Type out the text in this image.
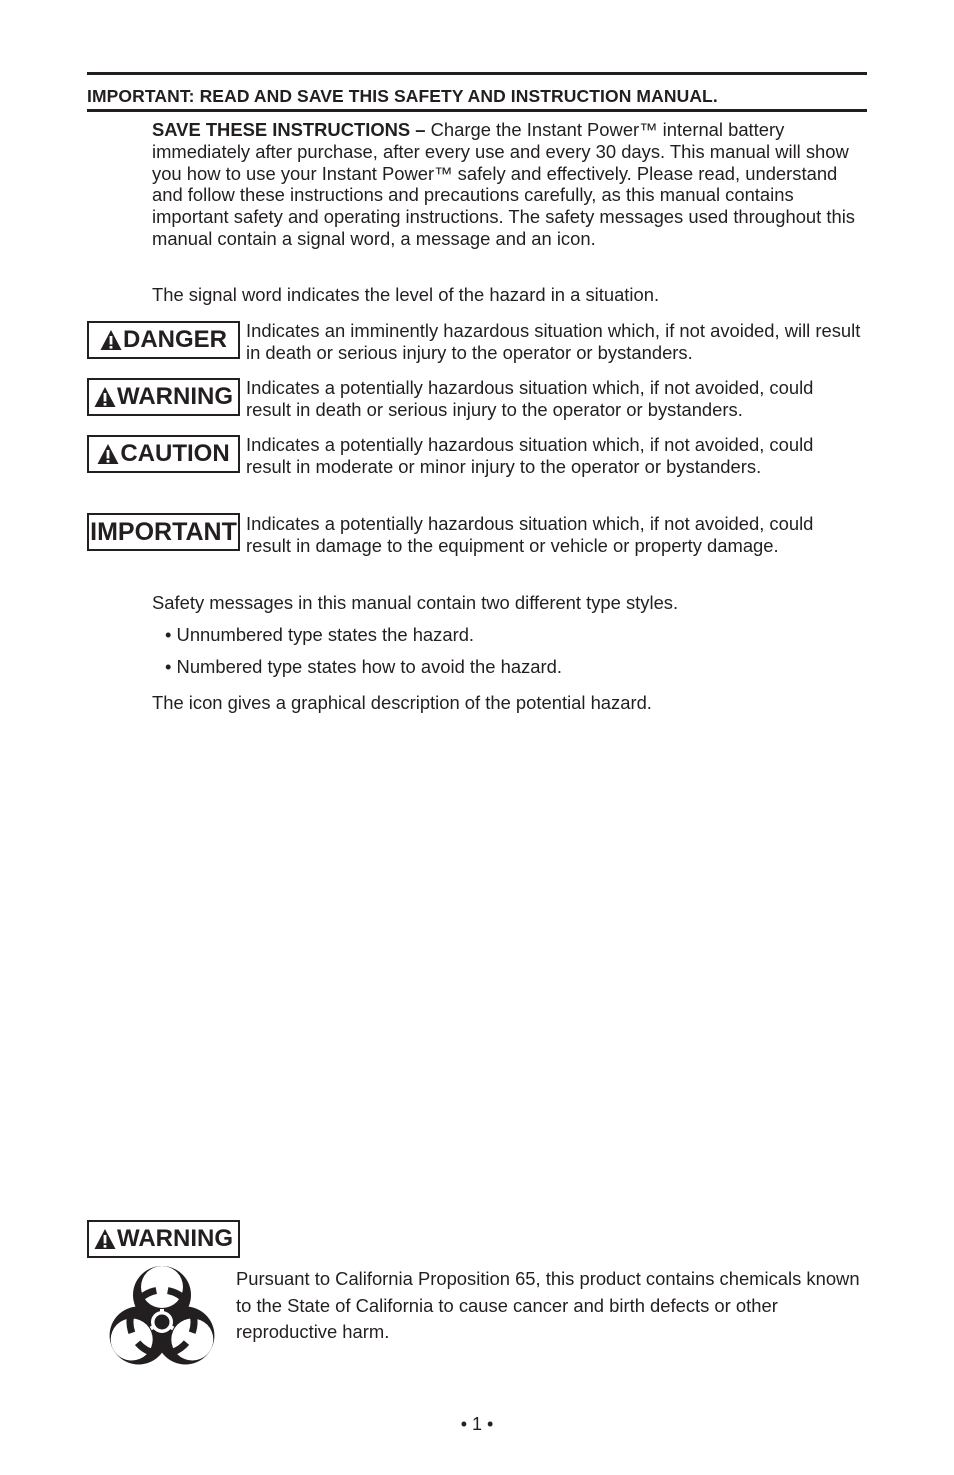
IMPORTANT: READ AND SAVE THIS SAFETY AND INSTRUCTION MANUAL.

SAVE THESE INSTRUCTIONS – Charge the Instant Power™ internal battery immediately after purchase, after every use and every 30 days. This manual will show you how to use your Instant Power™ safely and effectively. Please read, understand and follow these instructions and precautions carefully, as this manual contains important safety and operating instructions. The safety messages used throughout this manual contain a signal word, a message and an icon.

The signal word indicates the level of the hazard in a situation.

DANGER Indicates an imminently hazardous situation which, if not avoided, will result in death or serious injury to the operator or bystanders.

WARNING Indicates a potentially hazardous situation which, if not avoided, could result in death or serious injury to the operator or bystanders.

CAUTION Indicates a potentially hazardous situation which, if not avoided, could result in moderate or minor injury to the operator or bystanders.

IMPORTANT Indicates a potentially hazardous situation which, if not avoided, could result in damage to the equipment or vehicle or property damage.

Safety messages in this manual contain two different type styles.

• Unnumbered type states the hazard.
• Numbered type states how to avoid the hazard.

The icon gives a graphical description of the potential hazard.

WARNING

Pursuant to California Proposition 65, this product contains chemicals known to the State of California to cause cancer and birth defects or other reproductive harm.

• 1 •
